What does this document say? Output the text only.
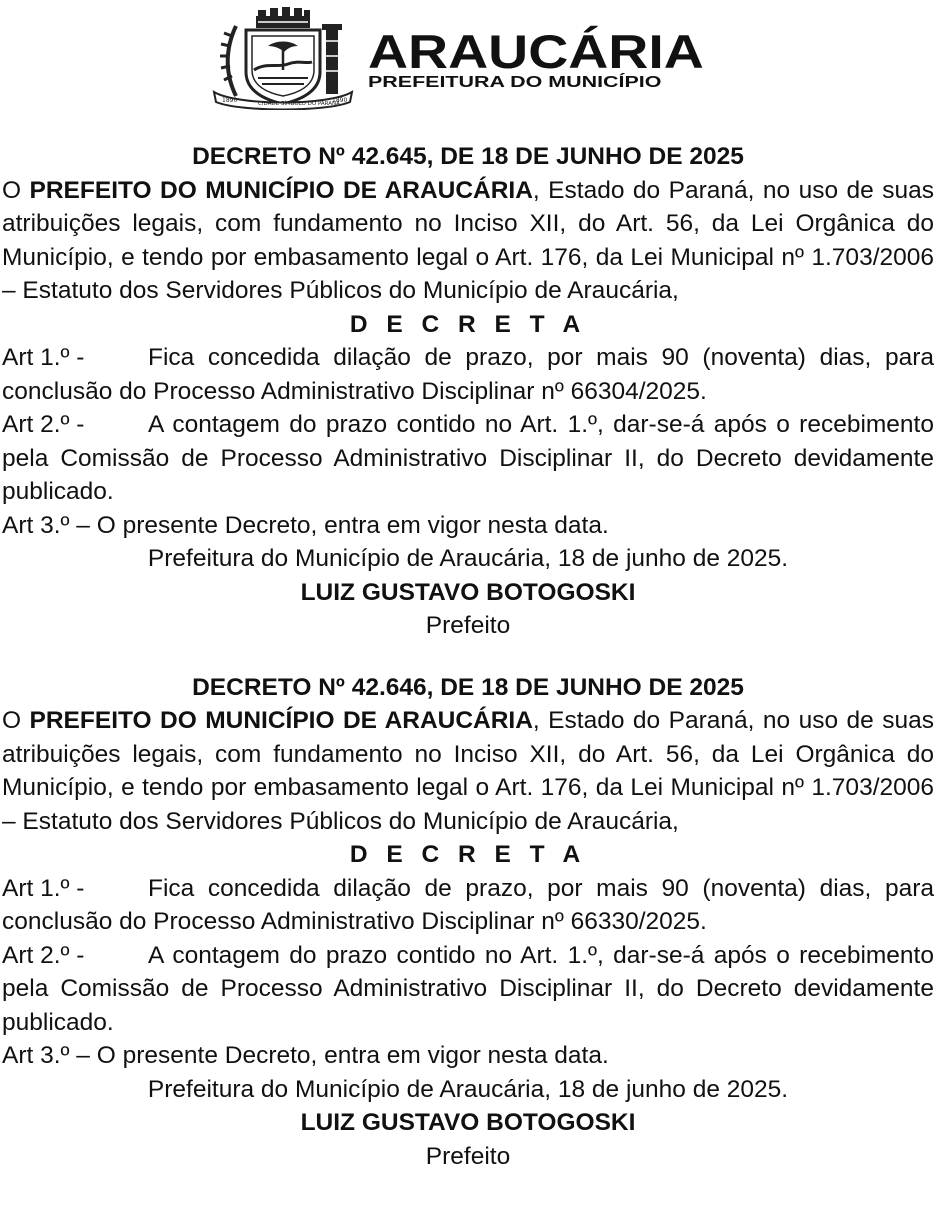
1890	CIDADE SÍMBOLO DO PARANÁ
1890
ARAUCÁRIA
PREFEITURA DO MUNICÍPIO
DECRETO Nº 42.645, DE 18 DE JUNHO DE 2025
O PREFEITO DO MUNICÍPIO DE ARAUCÁRIA, Estado do Paraná, no uso de suas atribuições legais, com fundamento no Inciso XII, do Art. 56, da Lei Orgânica do Município, e tendo por embasamento legal o Art. 176, da Lei Municipal nº 1.703/2006 – Estatuto dos Servidores Públicos do Município de Araucária,
D E C R E T A
Art 1.º -	Fica concedida dilação de prazo, por mais 90 (noventa) dias, para conclusão do Processo Administrativo Disciplinar nº 66304/2025.
Art 2.º -	A contagem do prazo contido no Art. 1.º, dar-se-á após o recebimento pela Comissão de Processo Administrativo Disciplinar II, do Decreto devidamente publicado.
Art 3.º – O presente Decreto, entra em vigor nesta data.
Prefeitura do Município de Araucária, 18 de junho de 2025.
LUIZ GUSTAVO BOTOGOSKI
Prefeito
DECRETO Nº 42.646, DE 18 DE JUNHO DE 2025
O PREFEITO DO MUNICÍPIO DE ARAUCÁRIA, Estado do Paraná, no uso de suas atribuições legais, com fundamento no Inciso XII, do Art. 56, da Lei Orgânica do Município, e tendo por embasamento legal o Art. 176, da Lei Municipal nº 1.703/2006 – Estatuto dos Servidores Públicos do Município de Araucária,
D E C R E T A
Art 1.º -	Fica concedida dilação de prazo, por mais 90 (noventa) dias, para conclusão do Processo Administrativo Disciplinar nº 66330/2025.
Art 2.º -	A contagem do prazo contido no Art. 1.º, dar-se-á após o recebimento pela Comissão de Processo Administrativo Disciplinar II, do Decreto devidamente publicado.
Art 3.º – O presente Decreto, entra em vigor nesta data.
Prefeitura do Município de Araucária, 18 de junho de 2025.
LUIZ GUSTAVO BOTOGOSKI
Prefeito
